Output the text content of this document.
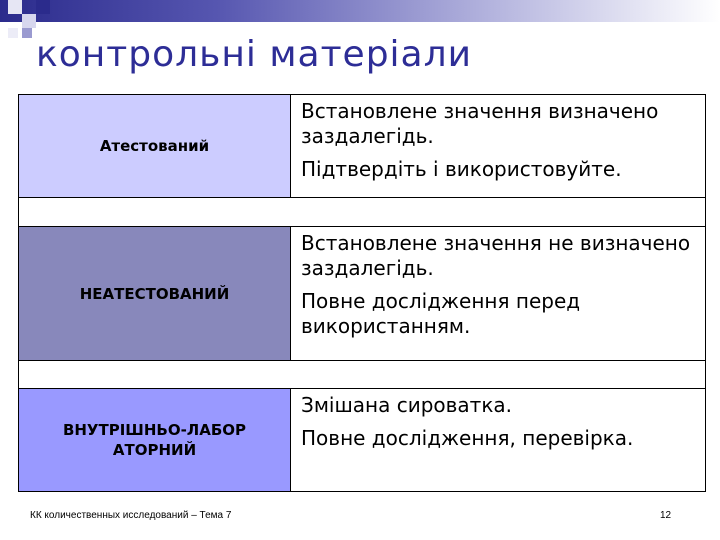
контрольні матеріали
Атестований

Встановлене значення визначено заздалегідь.

Підтвердіть і використовуйте.

НЕАТЕСТОВАНИЙ

Встановлене значення не визначено заздалегідь.

Повне дослідження перед використанням.

ВНУТРІШНЬО-ЛАБОР АТОРНИЙ

Змішана сироватка.

Повне дослідження, перевірка.

КК количественных исследований – Тема 7	12
